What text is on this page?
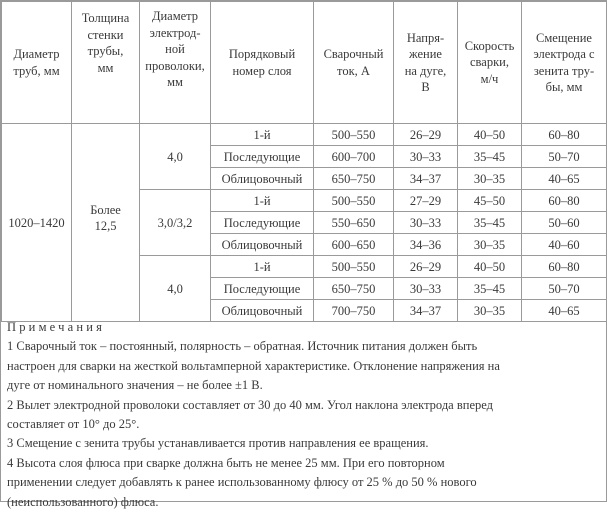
Диаметр
труб, мм	Толщина
стенки
трубы,
мм	Диаметр
электрод-
ной
проволоки,
мм	Порядковый
номер слоя	Сварочный
ток, А	Напря-
жение
на дуге,
В	Скорость
сварки,
м/ч	Смещение
электрода с
зенита тру-
бы, мм
1020–1420	Более
12,5	4,0	1-й	500–550	26–29	40–50	60–80
			Последующие	600–700	30–33	35–45	50–70
			Облицовочный	650–750	34–37	30–35	40–65
		3,0/3,2	1-й	500–550	27–29	45–50	60–80
			Последующие	550–650	30–33	35–45	50–60
			Облицовочный	600–650	34–36	30–35	40–60
		4,0	1-й	500–550	26–29	40–50	60–80
			Последующие	650–750	30–33	35–45	50–70
			Облицовочный	700–750	34–37	30–35	40–65
Примечания
1 Сварочный ток – постоянный, полярность – обратная. Источник питания должен быть
настроен для сварки на жесткой вольтамперной характеристике. Отклонение напряжения на
дуге от номинального значения – не более ±1 В.
2 Вылет электродной проволоки составляет от 30 до 40 мм. Угол наклона электрода вперед
составляет от 10° до 25°.
3 Смещение с зенита трубы устанавливается против направления ее вращения.
4 Высота слоя флюса при сварке должна быть не менее 25 мм. При его повторном
применении следует добавлять к ранее использованному флюсу от 25 % до 50 % нового
(неиспользованного) флюса.
